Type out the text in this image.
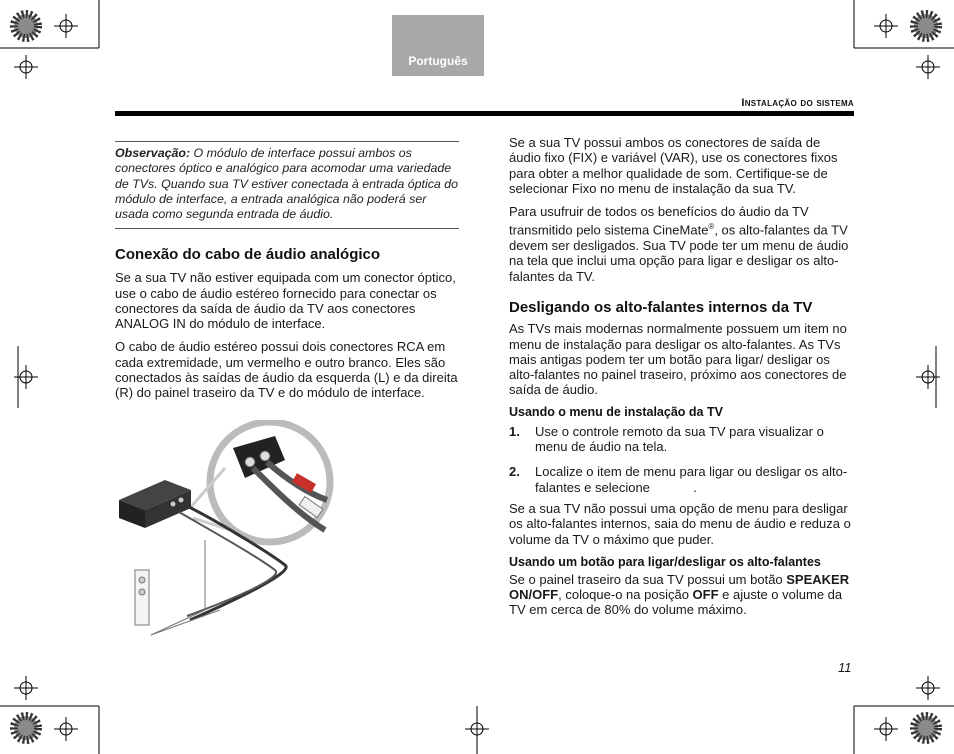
Português
Instalação do sistema
Observação: O módulo de interface possui ambos os conectores óptico e analógico para acomodar uma variedade de TVs. Quando sua TV estiver conectada à entrada óptica do módulo de interface, a entrada analógica não poderá ser usada como segunda entrada de áudio.
Conexão do cabo de áudio analógico

Se a sua TV não estiver equipada com um conector óptico, use o cabo de áudio estéreo fornecido para conectar os conectores da saída de áudio da TV aos conectores ANALOG IN do módulo de interface.

O cabo de áudio estéreo possui dois conectores RCA em cada extremidade, um vermelho e outro branco. Eles são conectados às saídas de áudio da esquerda (L) e da direita (R) do painel traseiro da TV e do módulo de interface.

Se a sua TV possui ambos os conectores de saída de áudio fixo (FIX) e variável (VAR), use os conectores fixos para obter a melhor qualidade de som. Certifique-se de selecionar Fixo no menu de instalação da sua TV.

Para usufruir de todos os benefícios do áudio da TV transmitido pelo sistema CineMate®, os alto-falantes da TV devem ser desligados. Sua TV pode ter um menu de áudio na tela que inclui uma opção para ligar e desligar os alto-falantes da TV.

Desligando os alto-falantes internos da TV

As TVs mais modernas normalmente possuem um item no menu de instalação para desligar os alto-falantes. As TVs mais antigas podem ter um botão para ligar/ desligar os alto-falantes no painel traseiro, próximo aos conectores de saída de áudio.

Usando o menu de instalação da TV
1. Use o controle remoto da sua TV para visualizar o menu de áudio na tela.
2. Localize o item de menu para ligar ou desligar os alto-falantes e selecione            .

Se a sua TV não possui uma opção de menu para desligar os alto-falantes internos, saia do menu de áudio e reduza o volume da TV o máximo que puder.

Usando um botão para ligar/desligar os alto-falantes

Se o painel traseiro da sua TV possui um botão SPEAKER ON/OFF, coloque-o na posição OFF e ajuste o volume da TV em cerca de 80% do volume máximo.

11
